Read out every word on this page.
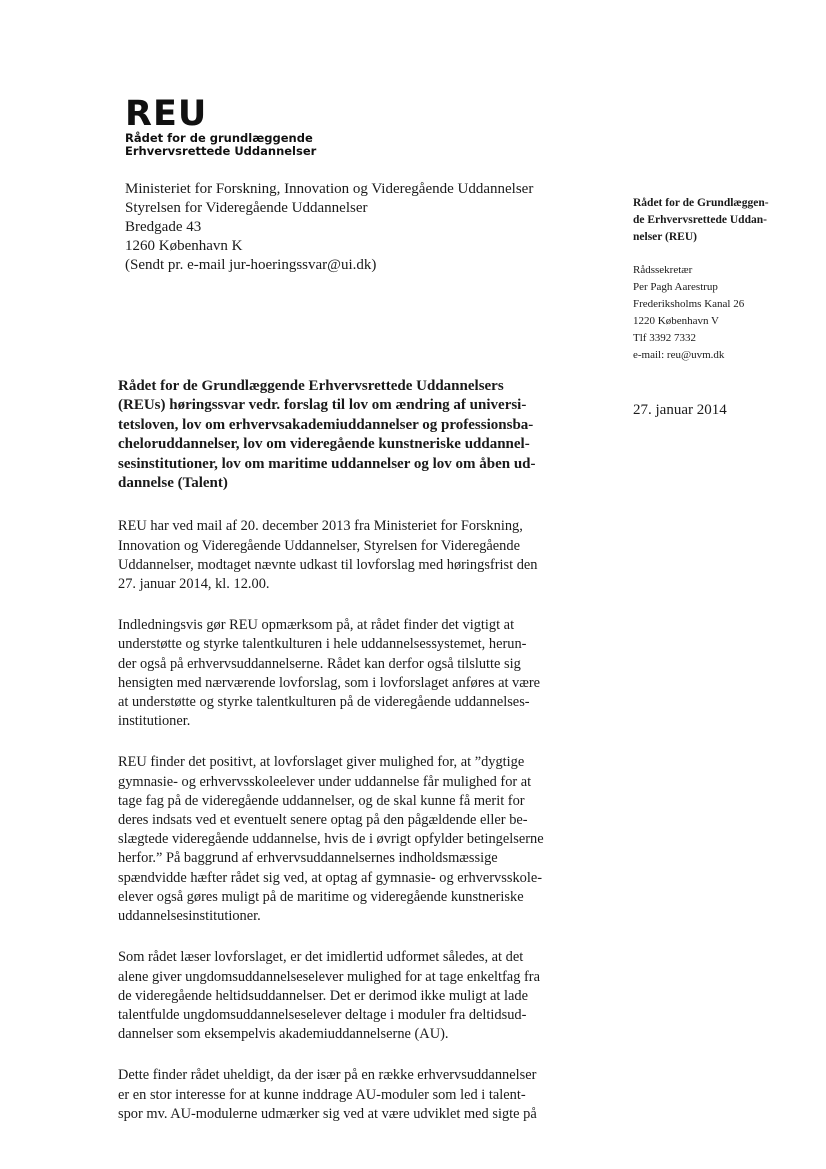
REU
Rådet for de grundlæggende
Erhvervsrettede Uddannelser
Ministeriet for Forskning, Innovation og Videregående Uddannelser
Styrelsen for Videregående Uddannelser
Bredgade 43
1260 København K
(Sendt pr. e-mail jur-hoeringssvar@ui.dk)
Rådet for de Grundlæggen-
de Erhvervsrettede Uddan-
nelser (REU)
Rådssekretær
Per Pagh Aarestrup
Frederiksholms Kanal 26
1220 København V
Tlf 3392 7332
e-mail: reu@uvm.dk
27. januar 2014
Rådet for de Grundlæggende Erhvervsrettede Uddannelsers
(REUs) høringssvar vedr. forslag til lov om ændring af universi-
tetsloven, lov om erhvervsakademiuddannelser og professionsba-
cheloruddannelser, lov om videregående kunstneriske uddannel-
sesinstitutioner, lov om maritime uddannelser og lov om åben ud-
dannelse (Talent)
REU har ved mail af 20. december 2013 fra Ministeriet for Forskning,
Innovation og Videregående Uddannelser, Styrelsen for Videregående
Uddannelser, modtaget nævnte udkast til lovforslag med høringsfrist den
27. januar 2014, kl. 12.00.
Indledningsvis gør REU opmærksom på, at rådet finder det vigtigt at
understøtte og styrke talentkulturen i hele uddannelsessystemet, herun-
der også på erhvervsuddannelserne. Rådet kan derfor også tilslutte sig
hensigten med nærværende lovforslag, som i lovforslaget anføres at være
at understøtte og styrke talentkulturen på de videregående uddannelses-
institutioner.
REU finder det positivt, at lovforslaget giver mulighed for, at ”dygtige
gymnasie- og erhvervsskoleelever under uddannelse får mulighed for at
tage fag på de videregående uddannelser, og de skal kunne få merit for
deres indsats ved et eventuelt senere optag på den pågældende eller be-
slægtede videregående uddannelse, hvis de i øvrigt opfylder betingelserne
herfor.” På baggrund af erhvervsuddannelsernes indholdsmæssige
spændvidde hæfter rådet sig ved, at optag af gymnasie- og erhvervsskole-
elever også gøres muligt på de maritime og videregående kunstneriske
uddannelsesinstitutioner.
Som rådet læser lovforslaget, er det imidlertid udformet således, at det
alene giver ungdomsuddannelseselever mulighed for at tage enkeltfag fra
de videregående heltidsuddannelser. Det er derimod ikke muligt at lade
talentfulde ungdomsuddannelseselever deltage i moduler fra deltidsud-
dannelser som eksempelvis akademiuddannelserne (AU).
Dette finder rådet uheldigt, da der især på en række erhvervsuddannelser
er en stor interesse for at kunne inddrage AU-moduler som led i talent-
spor mv. AU-modulerne udmærker sig ved at være udviklet med sigte på
